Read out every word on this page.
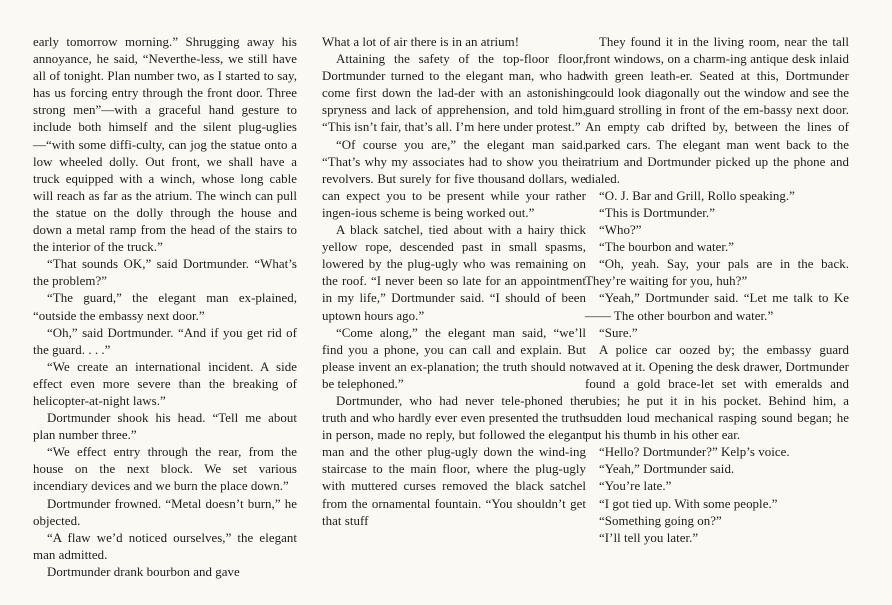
early tomorrow morning.” Shrugging away his annoyance, he said, “Neverthe-less, we still have all of tonight. Plan number two, as I started to say, has us forcing entry through the front door. Three strong men”—with a graceful hand gesture to include both himself and the silent plug-uglies—“with some diffi-culty, can jog the statue onto a low wheeled dolly. Out front, we shall have a truck equipped with a winch, whose long cable will reach as far as the atrium. The winch can pull the statue on the dolly through the house and down a metal ramp from the head of the stairs to the interior of the truck.”

“That sounds OK,” said Dortmunder. “What’s the problem?”

“The guard,” the elegant man ex-plained, “outside the embassy next door.”

“Oh,” said Dortmunder. “And if you get rid of the guard. . . .”

“We create an international incident. A side effect even more severe than the breaking of helicopter-at-night laws.”

Dortmunder shook his head. “Tell me about plan number three.”

“We effect entry through the rear, from the house on the next block. We set various incendiary devices and we burn the place down.”

Dortmunder frowned. “Metal doesn’t burn,” he objected.

“A flaw we’d noticed ourselves,” the elegant man admitted.

Dortmunder drank bourbon and gave

What a lot of air there is in an atrium!

Attaining the safety of the top-floor floor, Dortmunder turned to the elegant man, who had come first down the lad-der with an astonishing spryness and lack of apprehension, and told him, “This isn’t fair, that’s all. I’m here under protest.”

“Of course you are,” the elegant man said. “That’s why my associates had to show you their revolvers. But surely for five thousand dollars, we can expect you to be present while your rather ingen-ious scheme is being worked out.”

A black satchel, tied about with a hairy thick yellow rope, descended past in small spasms, lowered by the plug-ugly who was remaining on the roof. “I never been so late for an appointment in my life,” Dortmunder said. “I should of been uptown hours ago.”

“Come along,” the elegant man said, “we’ll find you a phone, you can call and explain. But please invent an ex-planation; the truth should not be telephoned.”

Dortmunder, who had never tele-phoned the truth and who hardly ever even presented the truth in person, made no reply, but followed the elegant man and the other plug-ugly down the wind-ing staircase to the main floor, where the plug-ugly with muttered curses removed the black satchel from the ornamental fountain. “You shouldn’t get that stuff

They found it in the living room, near the tall front windows, on a charm-ing antique desk inlaid with green leath-er. Seated at this, Dortmunder could look diagonally out the window and see the guard strolling in front of the em-bassy next door. An empty cab drifted by, between the lines of parked cars. The elegant man went back to the atrium and Dortmunder picked up the phone and dialed.

“O. J. Bar and Grill, Rollo speaking.”

“This is Dortmunder.”

“Who?”

“The bourbon and water.”

“Oh, yeah. Say, your pals are in the back. They’re waiting for you, huh?”

“Yeah,” Dortmunder said. “Let me talk to Ke—— The other bourbon and water.”

“Sure.”

A police car oozed by; the embassy guard waved at it. Opening the desk drawer, Dortmunder found a gold brace-let set with emeralds and rubies; he put it in his pocket. Behind him, a sudden loud mechanical rasping sound began; he put his thumb in his other ear.

“Hello? Dortmunder?” Kelp’s voice.

“Yeah,” Dortmunder said.

“You’re late.”

“I got tied up. With some people.”

“Something going on?”

“I’ll tell you later.”
